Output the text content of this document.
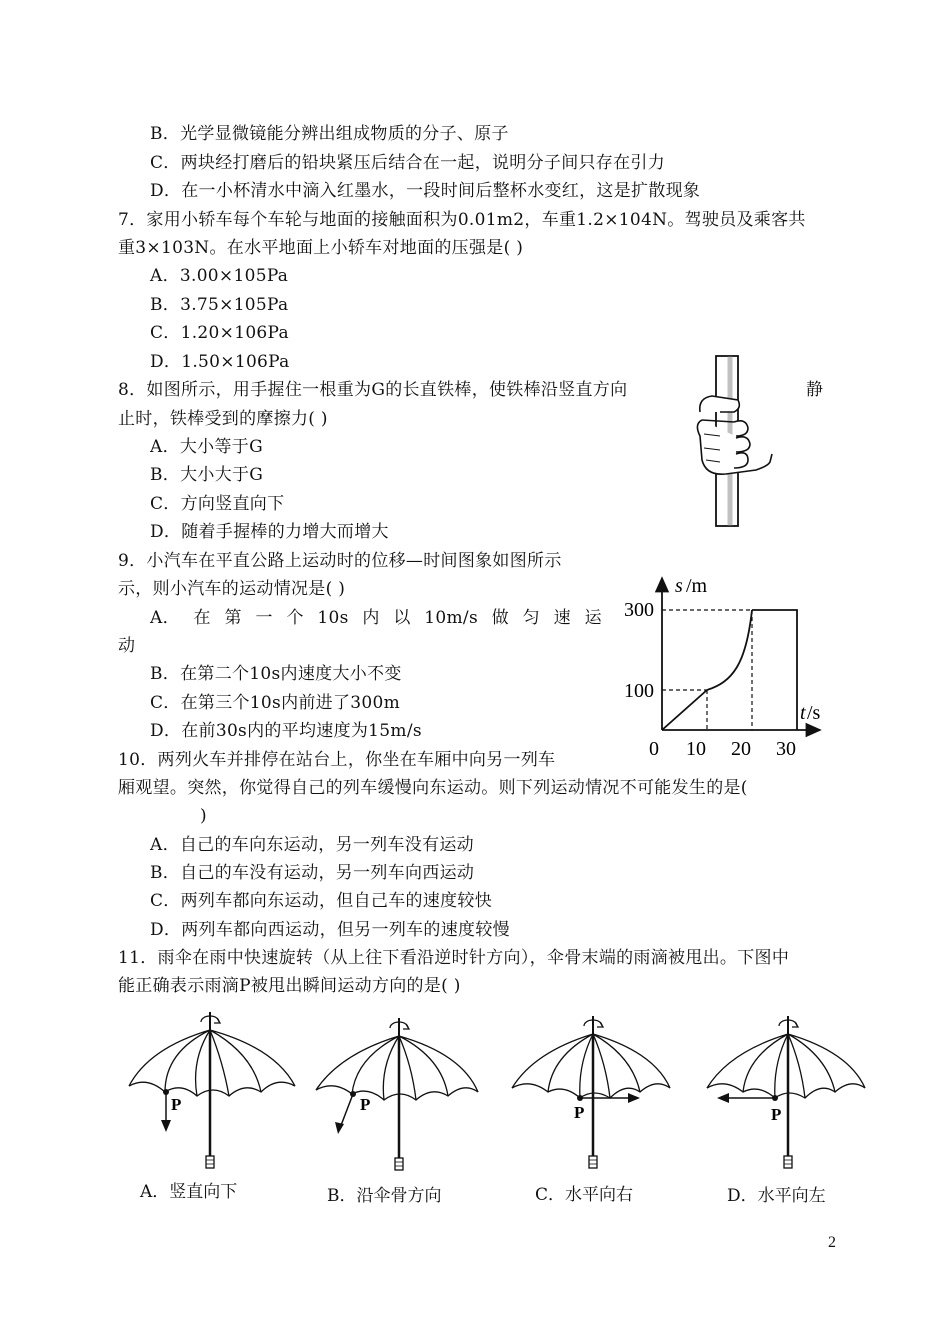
B．光学显微镜能分辨出组成物质的分子、原子
C．两块经打磨后的铅块紧压后结合在一起，说明分子间只存在引力
D．在一小杯清水中滴入红墨水，一段时间后整杯水变红，这是扩散现象
7．家用小轿车每个车轮与地面的接触面积为0.01m2，车重1.2×104N。驾驶员及乘客共
重3×103N。在水平地面上小轿车对地面的压强是( )
A．3.00×105Pa
8．如图所示，用手握住一根重为G的长直铁棒，使铁棒沿竖直方向	静
止时，铁棒受到的摩擦力( )
A．大小等于G
B．大小大于G
C．方向竖直向下
D．随着手握棒的力增大而增大
9．小汽车在平直公路上运动时的位移—时间图象如图所示
示，则小汽车的运动情况是( )
A． 在 第 一 个 10s 内 以 10m/s 做 匀 速 运
动
B．在第二个10s内速度大小不变
C．在第三个10s内前进了300m
D．在前30s内的平均速度为15m/s
s /m
t /s
300
100
0 10 20 30
10．两列火车并排停在站台上，你坐在车厢中向另一列车
厢观望。突然，你觉得自己的列车缓慢向东运动。则下列运动情况不可能发生的是(
)
A．自己的车向东运动，另一列车没有运动
B．自己的车没有运动，另一列车向西运动
C．两列车都向东运动，但自己车的速度较快
D．两列车都向西运动，但另一列车的速度较慢
11．雨伞在雨中快速旋转（从上往下看沿逆时针方向），伞骨末端的雨滴被甩出。下图中
能正确表示雨滴P被甩出瞬间运动方向的是( )
P
A．竖直向下
P
B．沿伞骨方向
P
C．水平向右
P
D．水平向左
2
B．3.75×105Pa
C．1.20×106Pa
D．1.50×106Pa
